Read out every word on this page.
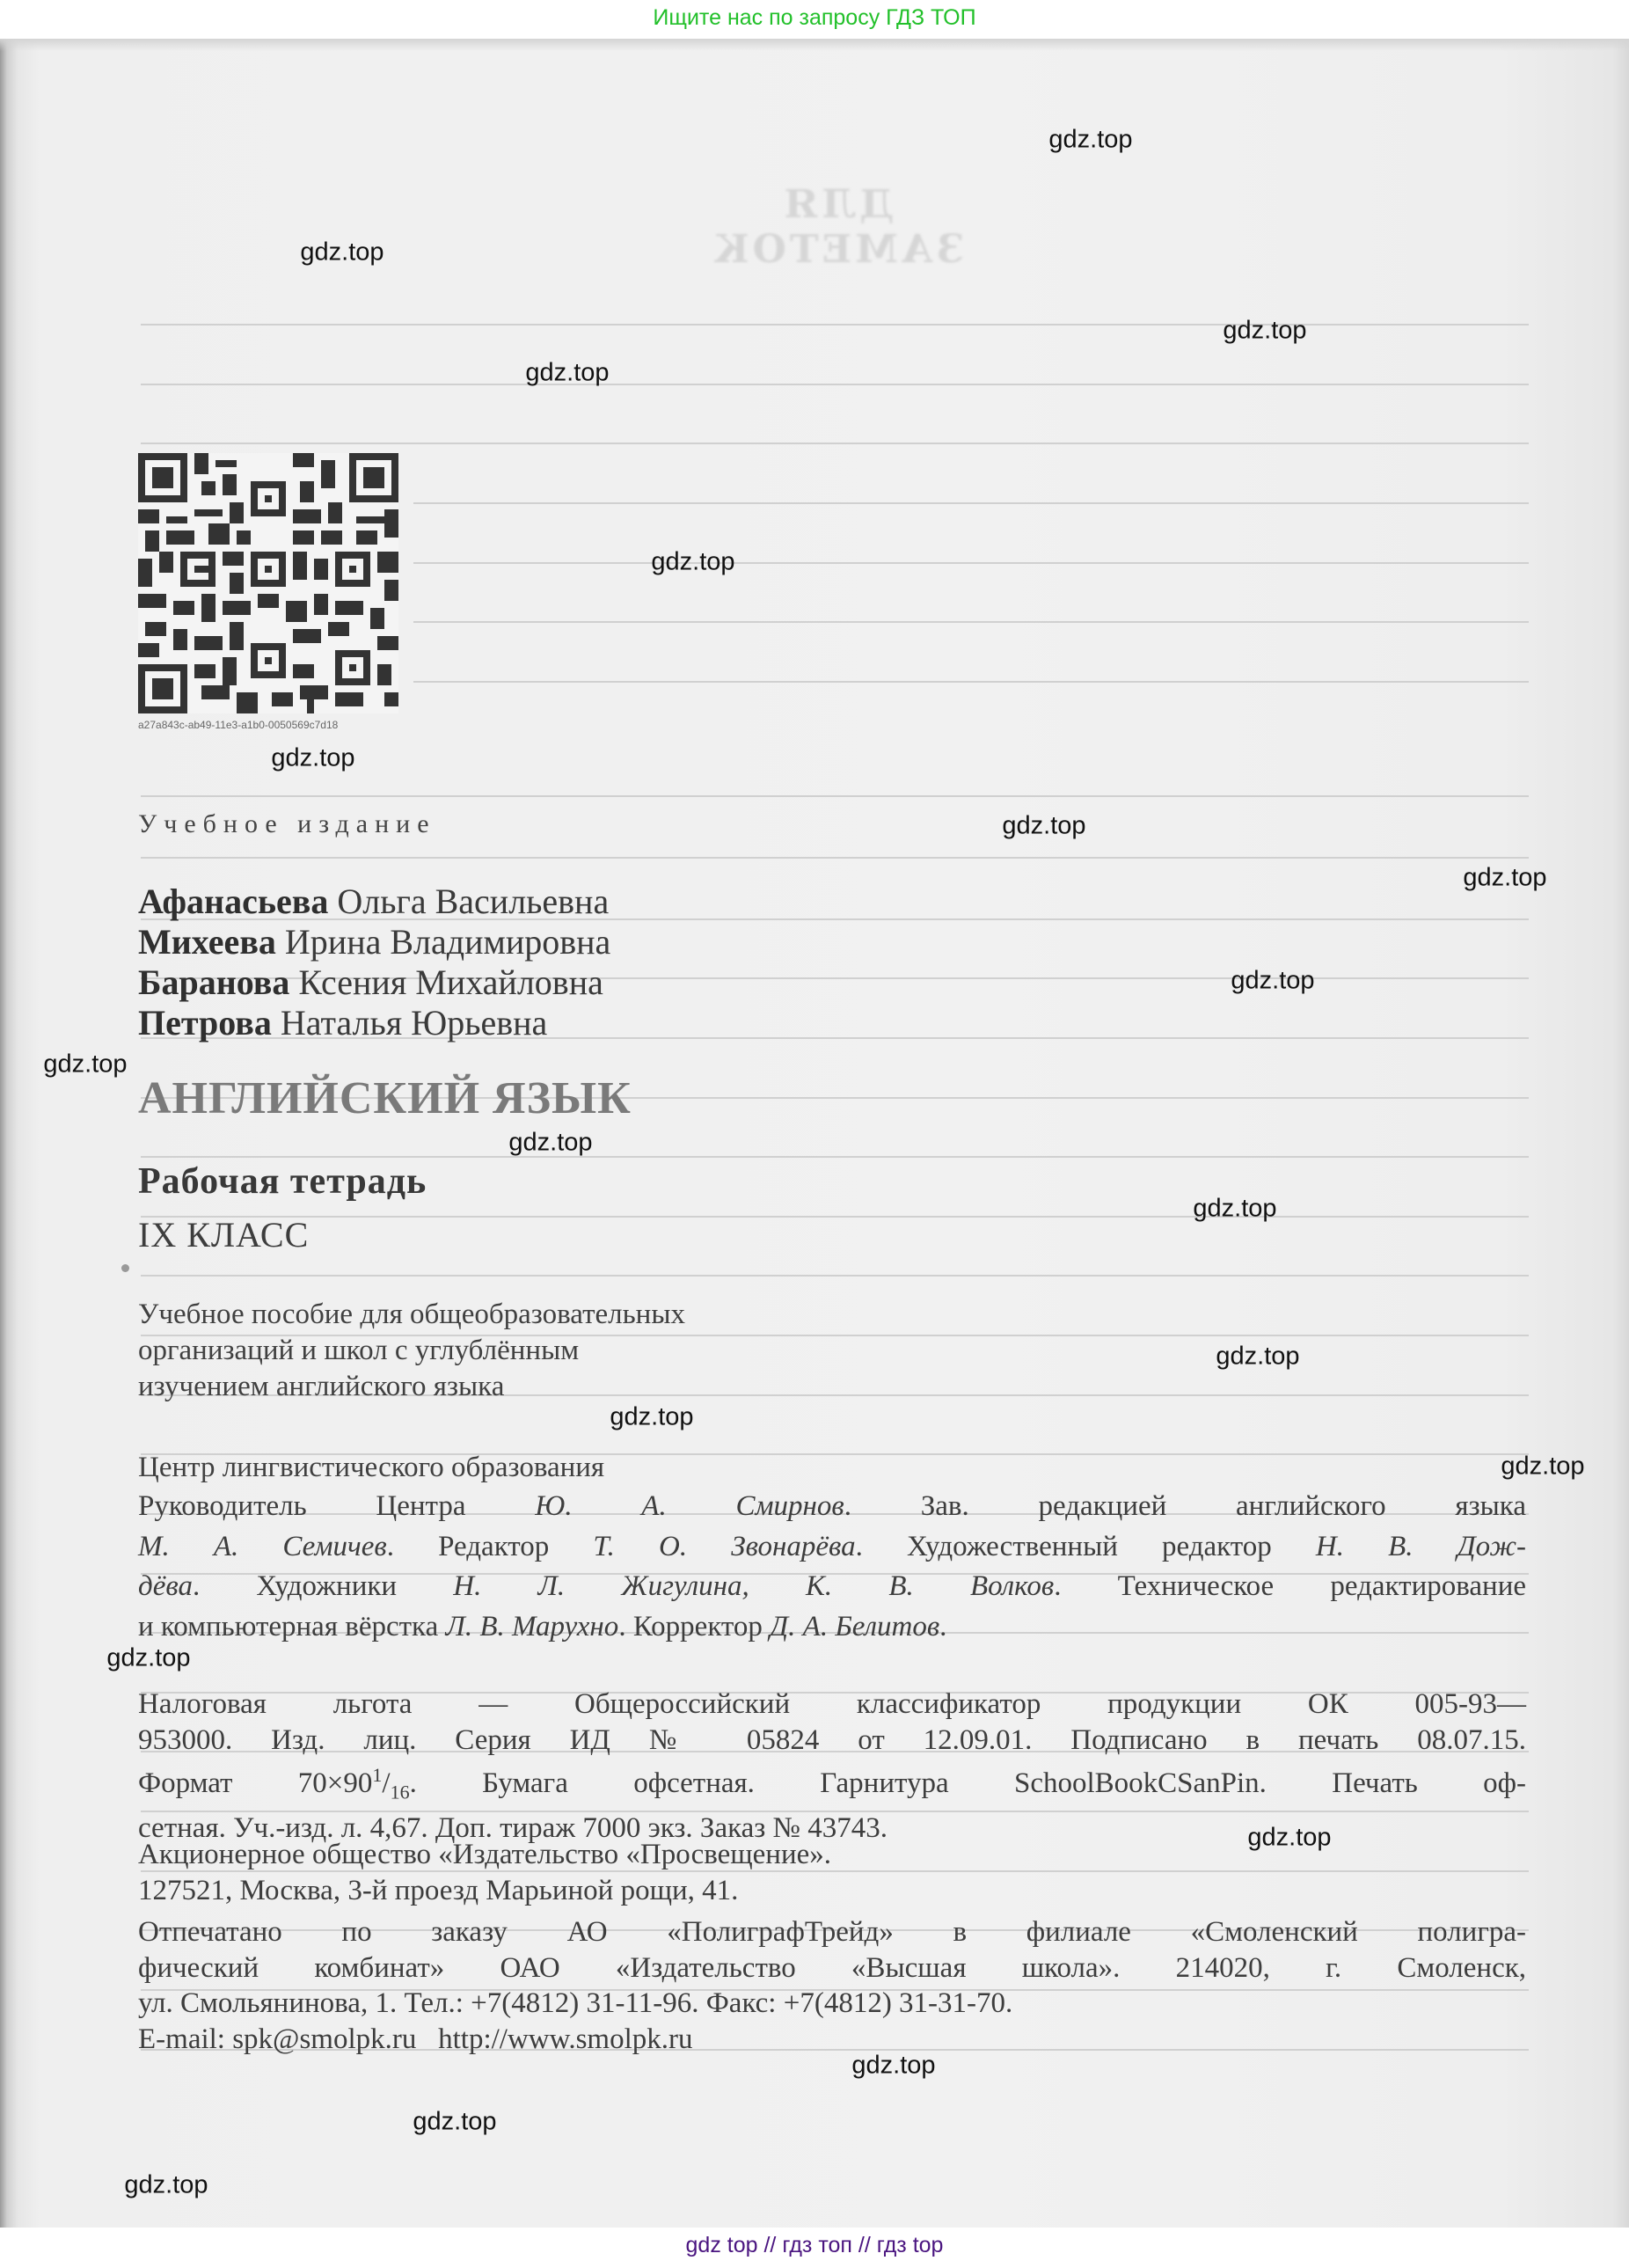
Ищите нас по запросу ГДЗ ТОП
ДЛЯ ЗАМЕТОК
a27a843c-ab49-11e3-a1b0-0050569c7d18
Учебное издание
Афанасьева Ольга Васильевна
Михеева Ирина Владимировна
Баранова Ксения Михайловна
Петрова Наталья Юрьевна
АНГЛИЙСКИЙ ЯЗЫК
Рабочая тетрадь
IX КЛАСС
Учебное пособие для общеобразовательных
организаций и школ с углублённым
изучением английского языка
Центр лингвистического образования
Руководитель Центра Ю. А. Смирнов. Зав. редакцией английского языка
М. А. Семичев. Редактор Т. О. Звонарёва. Художественный редактор Н. В. Дож-
дёва. Художники Н. Л. Жигулина, К. В. Волков. Техническое редактирование
и компьютерная вёрстка Л. В. Марухно. Корректор Д. А. Белитов.
Налоговая льгота — Общероссийский классификатор продукции ОК 005-93—
953000. Изд. лиц. Серия ИД № 05824 от 12.09.01. Подписано в печать 08.07.15.
Формат $70\times 90^1/_{16}$. Бумага офсетная. Гарнитура SchoolBookCSanPin. Печать оф-
сетная. Уч.-изд. л. 4,67. Доп. тираж 7000 экз. Заказ № 43743.
Акционерное общество «Издательство «Просвещение».
127521, Москва, 3-й проезд Марьиной рощи, 41.
Отпечатано по заказу АО «ПолиграфТрейд» в филиале «Смоленский полигра-
фический комбинат» ОАО «Издательство «Высшая школа». 214020, г. Смоленск,
ул. Смольянинова, 1. Тел.: +7(4812) 31-11-96. Факс: +7(4812) 31-31-70.
E-mail: spk@smolpk.ru http://www.smolpk.ru
gdz.top
gdz.top
gdz.top
gdz.top
gdz.top
gdz.top
gdz.top
gdz.top
gdz.top
gdz.top
gdz.top
gdz.top
gdz.top
gdz.top
gdz.top
gdz.top
gdz.top
gdz.top
gdz.top
gdz.top
gdz top // гдз топ // гдз top
